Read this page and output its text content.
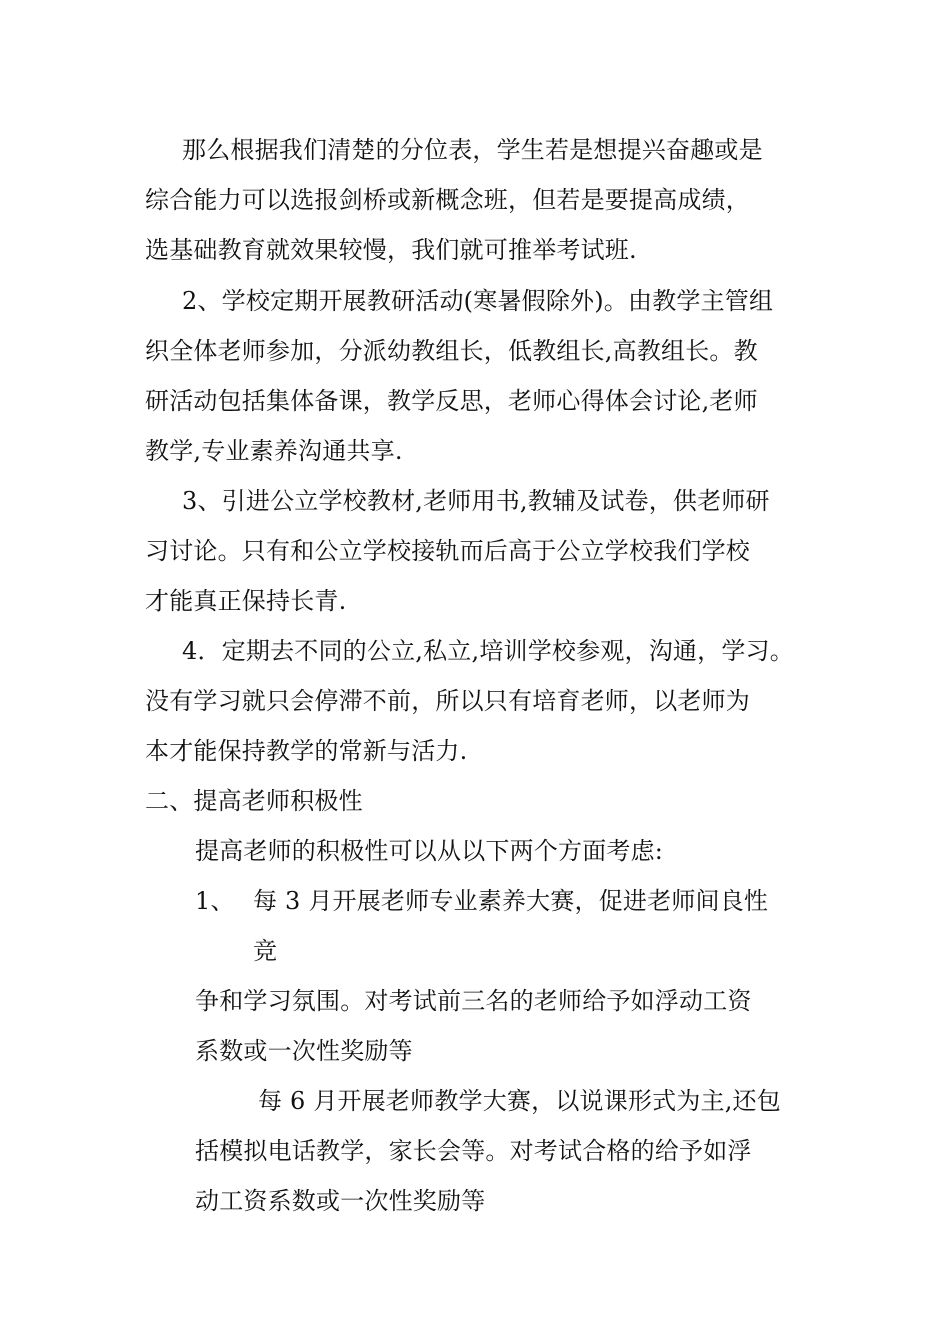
那么根据我们清楚的分位表，学生若是想提兴奋趣或是
综合能力可以选报剑桥或新概念班，但若是要提高成绩，
选基础教育就效果较慢，我们就可推举考试班.
2、学校定期开展教研活动(寒暑假除外)。由教学主管组
织全体老师参加，分派幼教组长，低教组长,高教组长。教
研活动包括集体备课，教学反思，老师心得体会讨论,老师
教学,专业素养沟通共享.
3、引进公立学校教材,老师用书,教辅及试卷，供老师研
习讨论。只有和公立学校接轨而后高于公立学校我们学校
才能真正保持长青.
4．定期去不同的公立,私立,培训学校参观，沟通，学习。
没有学习就只会停滞不前，所以只有培育老师，以老师为
本才能保持教学的常新与活力.
二、提高老师积极性
提高老师的积极性可以从以下两个方面考虑:
1、 每 3 月开展老师专业素养大赛，促进老师间良性
竞
争和学习氛围。对考试前三名的老师给予如浮动工资
系数或一次性奖励等
每 6 月开展老师教学大赛，以说课形式为主,还包
括模拟电话教学，家长会等。对考试合格的给予如浮
动工资系数或一次性奖励等
